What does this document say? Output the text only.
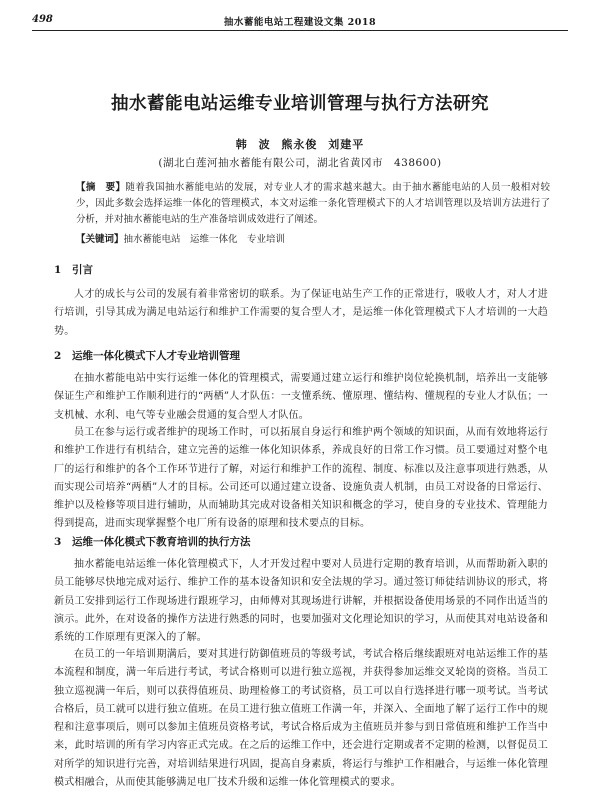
498	抽水蓄能电站工程建设文集 2018
抽水蓄能电站运维专业培训管理与执行方法研究
韩 波 熊永俊 刘建平
(湖北白莲河抽水蓄能有限公司，湖北省黄冈市　438600)
【摘　要】随着我国抽水蓄能电站的发展，对专业人才的需求越来越大。由于抽水蓄能电站的人员一般相对较少，因此多数会选择运维一体化的管理模式，本文对运维一条化管理模式下的人才培训管理以及培训方法进行了分析，并对抽水蓄能电站的生产准备培训成效进行了阐述。
【关键词】抽水蓄能电站　运维一体化　专业培训
1 引言
人才的成长与公司的发展有着非常密切的联系。为了保证电站生产工作的正常进行，吸收人才，对人才进行培训，引导其成为满足电站运行和维护工作需要的复合型人才，是运维一体化管理模式下人才培训的一大趋势。
2 运维一体化模式下人才专业培训管理
在抽水蓄能电站中实行运维一体化的管理模式，需要通过建立运行和维护岗位轮换机制，培养出一支能够保证生产和维护工作顺利进行的“两栖”人才队伍：一支懂系统、懂原理、懂结构、懂规程的专业人才队伍；一支机械、水利、电气等专业融会贯通的复合型人才队伍。
员工在参与运行或者维护的现场工作时，可以拓展自身运行和维护两个领域的知识面，从而有效地将运行和维护工作进行有机结合，建立完善的运维一体化知识体系，养成良好的日常工作习惯。员工要通过对整个电厂的运行和维护的各个工作环节进行了解，对运行和维护工作的流程、制度、标准以及注意事项进行熟悉，从而实现公司培养“两栖”人才的目标。公司还可以通过建立设备、设施负责人机制，由员工对设备的日常运行、维护以及检修等项目进行辅助，从而辅助其完成对设备相关知识和概念的学习，使自身的专业技术、管理能力得到提高，进而实现掌握整个电厂所有设备的原理和技术要点的目标。
3 运维一体化模式下教育培训的执行方法
抽水蓄能电站运维一体化管理模式下，人才开发过程中要对人员进行定期的教育培训，从而帮助新入职的员工能够尽快地完成对运行、维护工作的基本设备知识和安全法规的学习。通过签订师徒结训协议的形式，将新员工安排到运行工作现场进行跟班学习，由师傅对其现场进行讲解，并根据设备使用场景的不同作出适当的演示。此外，在对设备的操作方法进行熟悉的同时，也要加强对文化理论知识的学习，从而使其对电站设备和系统的工作原理有更深入的了解。
在员工的一年培训期满后，要对其进行防御值班员的等级考试，考试合格后继续跟班对电站运维工作的基本流程和制度，满一年后进行考试，考试合格则可以进行独立巡视，并获得参加运维交叉轮岗的资格。当员工独立巡视满一年后，则可以获得值班员、助理检修工的考试资格，员工可以自行选择进行哪一项考试。当考试合格后，员工就可以进行独立值班。在员工进行独立值班工作满一年，并深入、全面地了解了运行工作中的规程和注意事项后，则可以参加主值班员资格考试，考试合格后成为主值班员并参与到日常值班和维护工作当中来，此时培训的所有学习内容正式完成。在之后的运维工作中，还会进行定期或者不定期的检测，以督促员工对所学的知识进行完善，对培训结果进行巩固，提高自身素质，将运行与维护工作相融合，与运维一体化管理模式相融合，从而使其能够满足电厂技术升级和运维一体化管理模式的要求。
